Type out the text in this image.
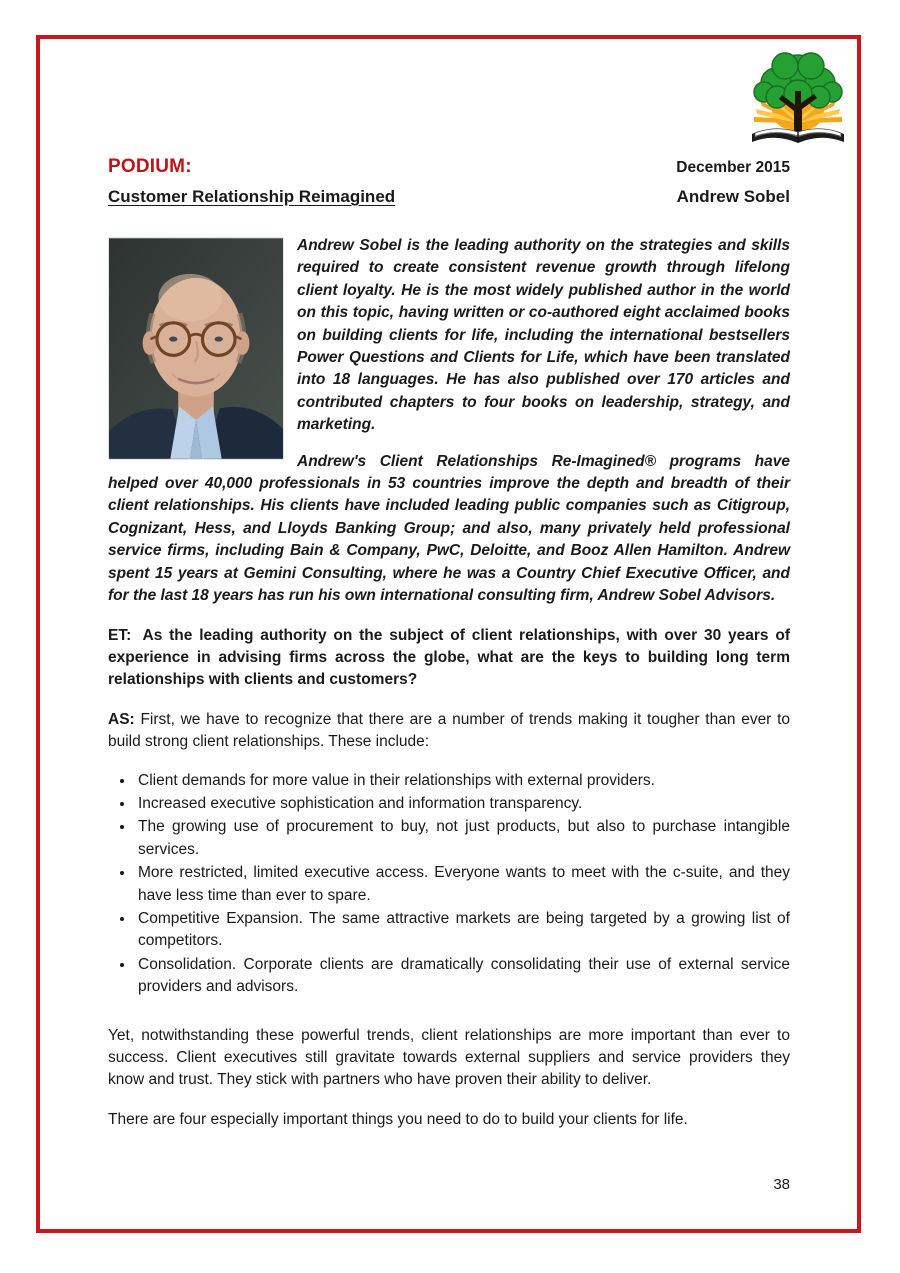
PODIUM:	December 2015
Customer Relationship Reimagined	Andrew Sobel

Andrew Sobel is the leading authority on the strategies and skills required to create consistent revenue growth through lifelong client loyalty. He is the most widely published author in the world on this topic, having written or co-authored eight acclaimed books on building clients for life, including the international bestsellers Power Questions and Clients for Life, which have been translated into 18 languages. He has also published over 170 articles and contributed chapters to four books on leadership, strategy, and marketing.

Andrew's Client Relationships Re-Imagined® programs have helped over 40,000 professionals in 53 countries improve the depth and breadth of their client relationships. His clients have included leading public companies such as Citigroup, Cognizant, Hess, and Lloyds Banking Group; and also, many privately held professional service firms, including Bain & Company, PwC, Deloitte, and Booz Allen Hamilton. Andrew spent 15 years at Gemini Consulting, where he was a Country Chief Executive Officer, and for the last 18 years has run his own international consulting firm, Andrew Sobel Advisors.

ET: As the leading authority on the subject of client relationships, with over 30 years of experience in advising firms across the globe, what are the keys to building long term relationships with clients and customers?

AS: First, we have to recognize that there are a number of trends making it tougher than ever to build strong client relationships. These include:

• Client demands for more value in their relationships with external providers.
• Increased executive sophistication and information transparency.
• The growing use of procurement to buy, not just products, but also to purchase intangible services.
• More restricted, limited executive access. Everyone wants to meet with the c-suite, and they have less time than ever to spare.
• Competitive Expansion. The same attractive markets are being targeted by a growing list of competitors.
• Consolidation. Corporate clients are dramatically consolidating their use of external service providers and advisors.

Yet, notwithstanding these powerful trends, client relationships are more important than ever to success. Client executives still gravitate towards external suppliers and service providers they know and trust. They stick with partners who have proven their ability to deliver.

There are four especially important things you need to do to build your clients for life.

38
